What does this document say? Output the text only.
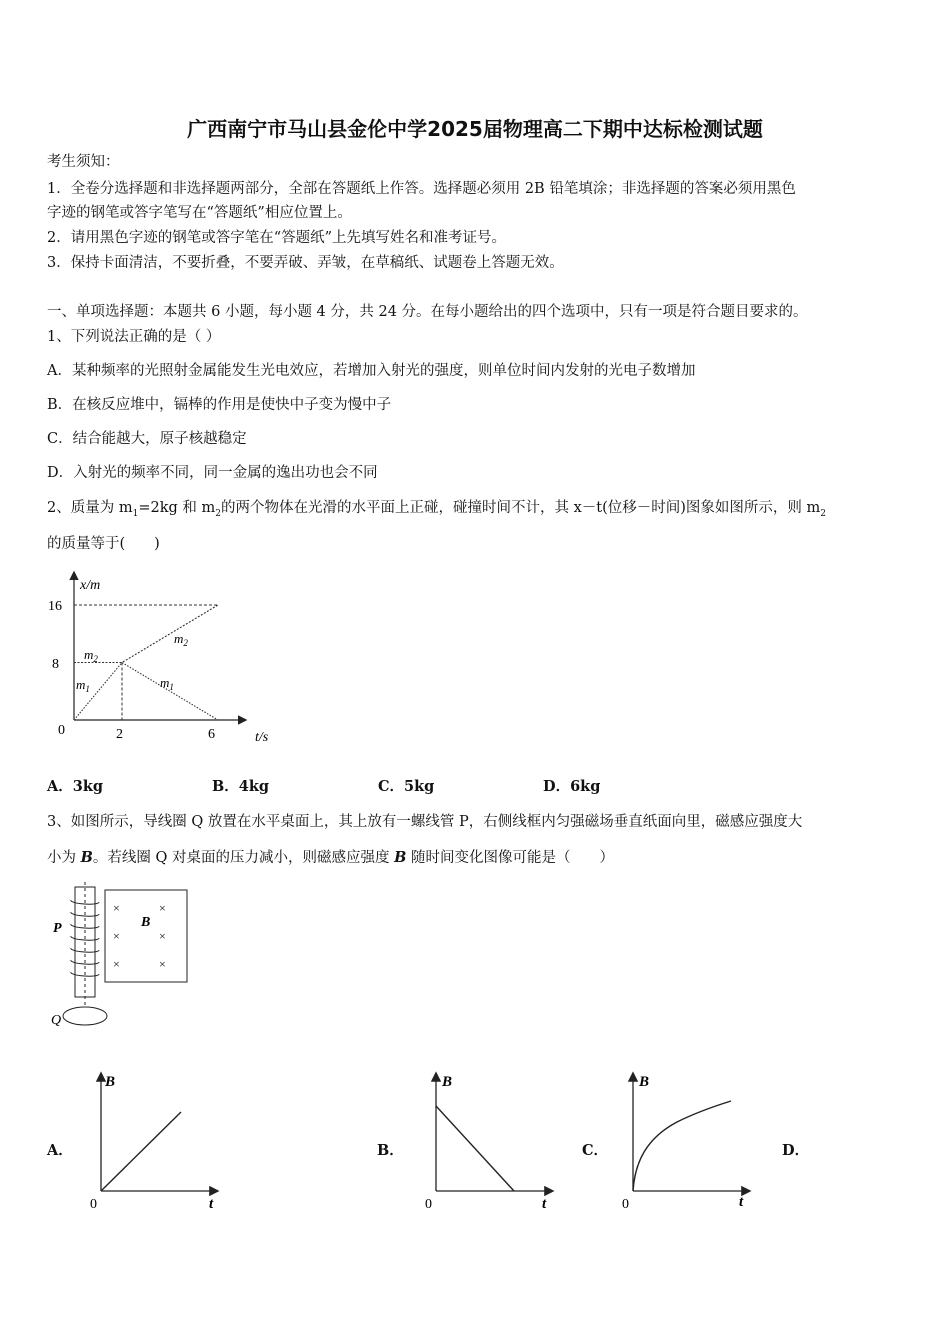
广西南宁市马山县金伦中学2025届物理高二下期中达标检测试题
考生须知：
1．全卷分选择题和非选择题两部分，全部在答题纸上作答。选择题必须用 2B 铅笔填涂；非选择题的答案必须用黑色
字迹的钢笔或答字笔写在“答题纸”相应位置上。
2．请用黑色字迹的钢笔或答字笔在“答题纸”上先填写姓名和准考证号。
3．保持卡面清洁，不要折叠，不要弄破、弄皱，在草稿纸、试题卷上答题无效。
一、单项选择题：本题共 6 小题，每小题 4 分，共 24 分。在每小题给出的四个选项中，只有一项是符合题目要求的。
1、下列说法正确的是（ ）
A．某种频率的光照射金属能发生光电效应，若增加入射光的强度，则单位时间内发射的光电子数增加
B．在核反应堆中，镉棒的作用是使快中子变为慢中子
C．结合能越大，原子核越稳定
D．入射光的频率不同，同一金属的逸出功也会不同
2、质量为 $m_1=2kg$ 和 $m_2$的两个物体在光滑的水平面上正碰，碰撞时间不计，其 x－t(位移－时间)图象如图所示，则 $m_2$
的质量等于(　　)
x/m
t/s
0
16
8
2	6
$m_2$
$m_2$
$m_1$	$m_1$
A．3kg	B．4kg	C．5kg	D．6kg
3、如图所示，导线圈 Q 放置在水平桌面上，其上放有一螺线管 P，右侧线框内匀强磁场垂直纸面向里，磁感应强度大
小为 B。若线圈 Q 对桌面的压力减小，则磁感应强度 B 随时间变化图像可能是（　　）
P
Q
B
×	×
×	×
×	×
A．	B．	C．	D．
B
t
0
B
t
0
B
t
0
